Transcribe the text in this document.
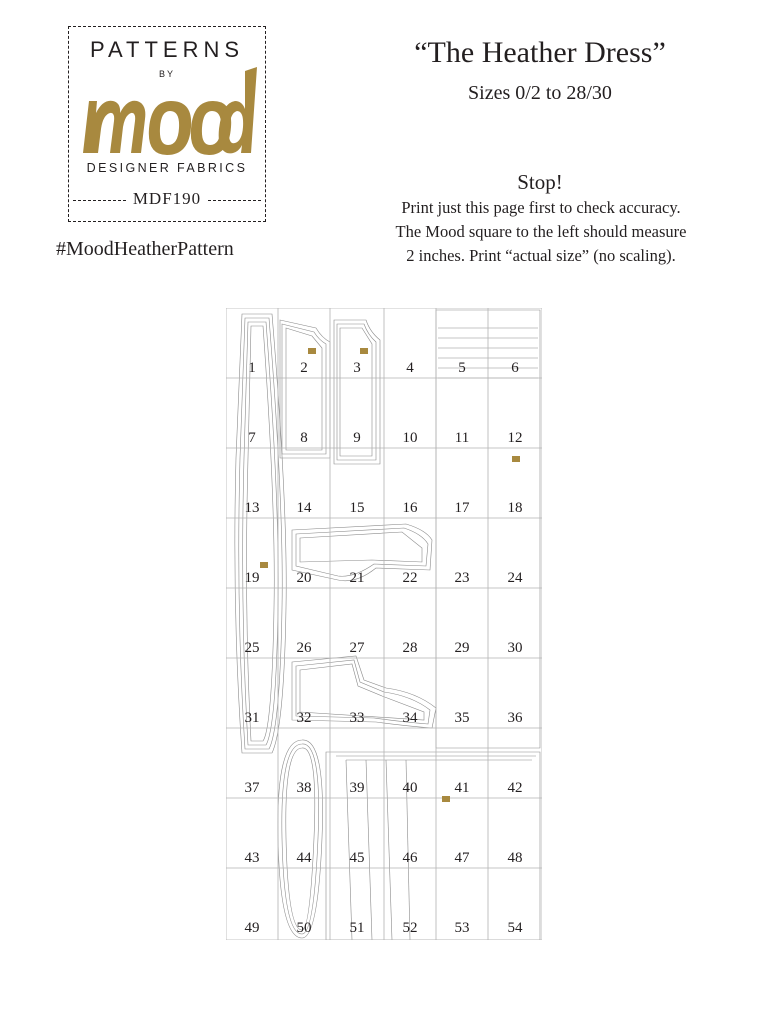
PATTERNS
BY
DESIGNER FABRICS
MDF190
#MoodHeatherPattern
“The Heather Dress”
Sizes 0/2 to 28/30
Stop!
Print just this page first to check accuracy.
The Mood square to the left should measure
2 inches. Print “actual size” (no scaling).
1	2	3	4	5	6
7	8	9	10	11	12
13	14	15	16	17	18
19	20	21	22	23	24
25	26	27	28	29	30
31	32	33	34	35	36
37	38	39	40	41	42
43	44	45	46	47	48
49	50	51	52	53	54
